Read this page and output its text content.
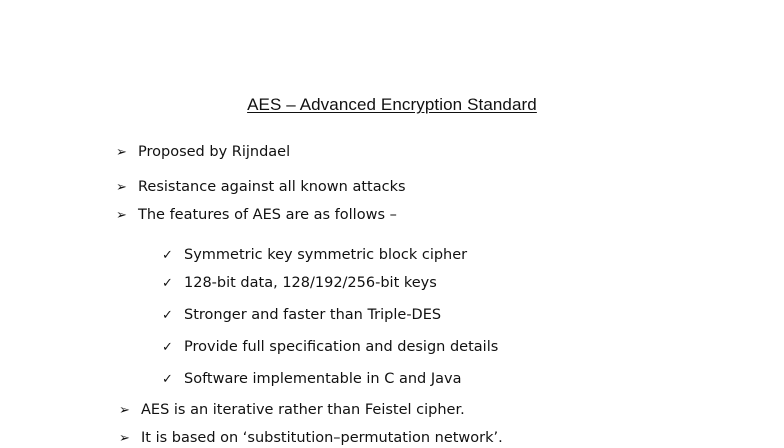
AES – Advanced Encryption Standard
➢ Proposed by Rijndael
➢ Resistance against all known attacks
➢ The features of AES are as follows –
✓ Symmetric key symmetric block cipher
✓ 128-bit data, 128/192/256-bit keys
✓ Stronger and faster than Triple-DES
✓ Provide full specification and design details
✓ Software implementable in C and Java
➢ AES is an iterative rather than Feistel cipher.
➢ It is based on ‘substitution–permutation network’.
